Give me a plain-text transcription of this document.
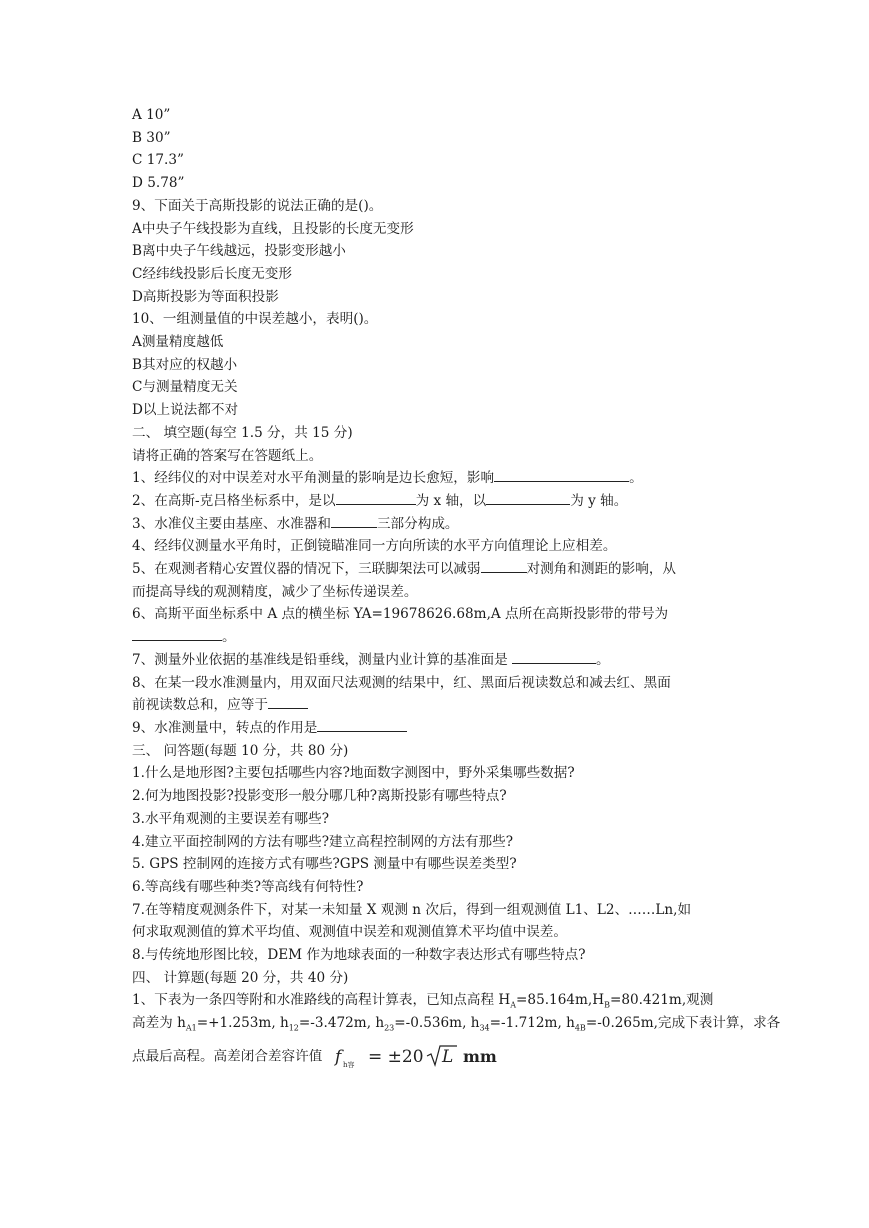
A 10”
B 30”
C 17.3”
D 5.78”
9、下面关于高斯投影的说法正确的是()。
A中央子午线投影为直线，且投影的长度无变形
B离中央子午线越远，投影变形越小
C经纬线投影后长度无变形
D高斯投影为等面积投影
10、一组测量值的中误差越小，表明()。
A测量精度越低
B其对应的权越小
C与测量精度无关
D以上说法都不对
二、 填空题(每空 1.5 分，共 15 分)
请将正确的答案写在答题纸上。
1、经纬仪的对中误差对水平角测量的影响是边长愈短，影响	。
2、在高斯-克吕格坐标系中，是以	为 x 轴，以	为 y 轴。
3、水准仪主要由基座、水准器和	三部分构成。
4、经纬仪测量水平角时，正倒镜瞄准同一方向所读的水平方向值理论上应相差。
5、在观测者精心安置仪器的情况下，三联脚架法可以减弱	对测角和测距的影响，从
而提高导线的观测精度，减少了坐标传递误差。
6、高斯平面坐标系中 A 点的横坐标 YA=19678626.68m,A 点所在高斯投影带的带号为
。
7、测量外业依据的基准线是铅垂线，测量内业计算的基准面是	。
8、在某一段水准测量内，用双面尺法观测的结果中，红、黑面后视读数总和减去红、黑面
前视读数总和，应等于
9、水准测量中，转点的作用是
三、 问答题(每题 10 分，共 80 分)
1.什么是地形图?主要包括哪些内容?地面数字测图中，野外采集哪些数据?
2.何为地图投影?投影变形一般分哪几种?离斯投影有哪些特点?
3.水平角观测的主要误差有哪些?
4.建立平面控制网的方法有哪些?建立高程控制网的方法有那些?
5. GPS 控制网的连接方式有哪些?GPS 测量中有哪些误差类型?
6.等高线有哪些种类?等高线有何特性?
7.在等精度观测条件下，对某一未知量 X 观测 n 次后，得到一组观测值 L1、L2、……Ln,如
何求取观测值的算术平均值、观测值中误差和观测值算术平均值中误差。
8.与传统地形图比较，DEM 作为地球表面的一种数字表达形式有哪些特点?
四、 计算题(每题 20 分，共 40 分)
1、下表为一条四等附和水准路线的高程计算表，已知点高程 $H_A=85.164m,H_B=80.421m$,观测
高差为 $h_{A1}=+1.253m$, $h_{12}=-3.472m$, $h_{23}=-0.536m$, $h_{34}=-1.712m$, $h_{4B}=-0.265m$,完成下表计算，求各
点最后高程。高差闭合差容许值 f h容 = ±20 L mm
